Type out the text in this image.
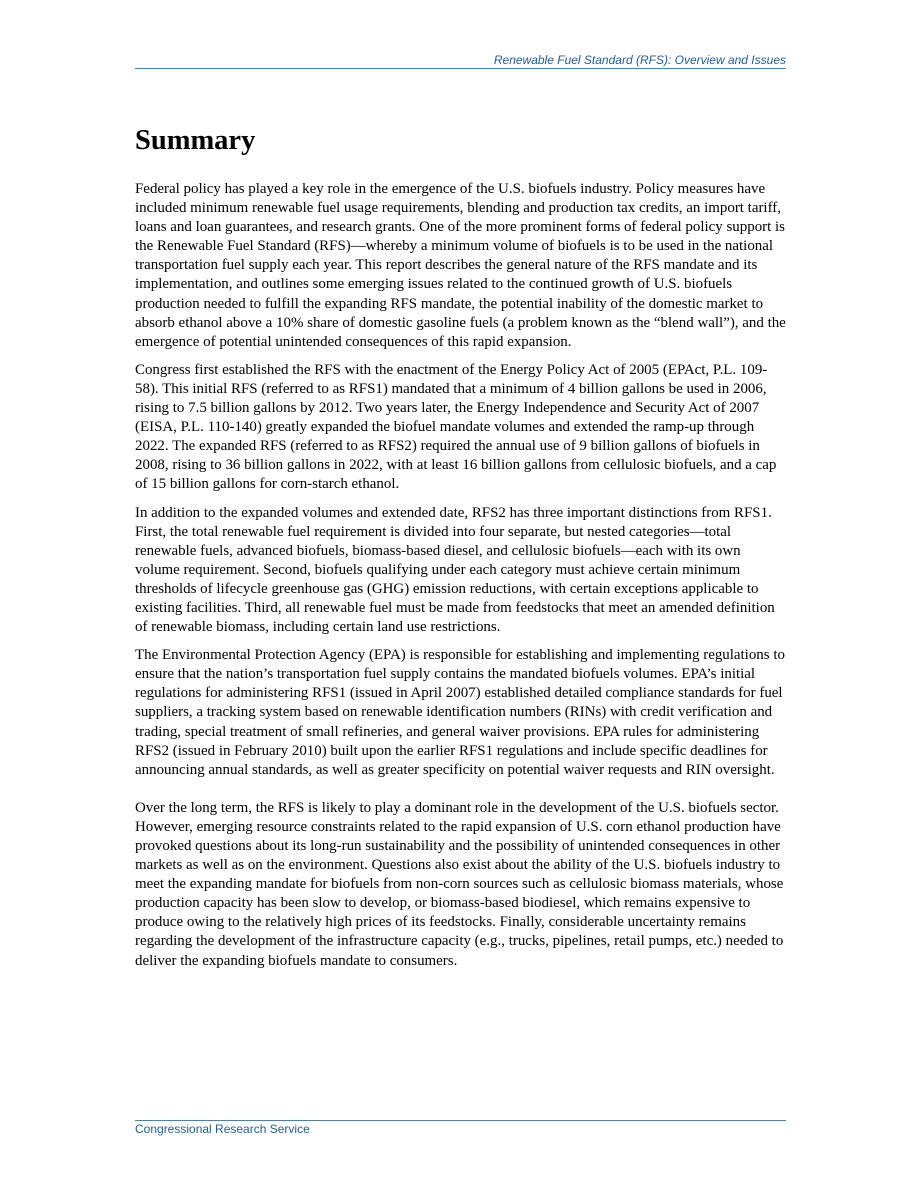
Renewable Fuel Standard (RFS): Overview and Issues
Summary

Federal policy has played a key role in the emergence of the U.S. biofuels industry. Policy measures have included minimum renewable fuel usage requirements, blending and production tax credits, an import tariff, loans and loan guarantees, and research grants. One of the more prominent forms of federal policy support is the Renewable Fuel Standard (RFS)—whereby a minimum volume of biofuels is to be used in the national transportation fuel supply each year. This report describes the general nature of the RFS mandate and its implementation, and outlines some emerging issues related to the continued growth of U.S. biofuels production needed to fulfill the expanding RFS mandate, the potential inability of the domestic market to absorb ethanol above a 10% share of domestic gasoline fuels (a problem known as the “blend wall”), and the emergence of potential unintended consequences of this rapid expansion.

Congress first established the RFS with the enactment of the Energy Policy Act of 2005 (EPAct, P.L. 109-58). This initial RFS (referred to as RFS1) mandated that a minimum of 4 billion gallons be used in 2006, rising to 7.5 billion gallons by 2012. Two years later, the Energy Independence and Security Act of 2007 (EISA, P.L. 110-140) greatly expanded the biofuel mandate volumes and extended the ramp-up through 2022. The expanded RFS (referred to as RFS2) required the annual use of 9 billion gallons of biofuels in 2008, rising to 36 billion gallons in 2022, with at least 16 billion gallons from cellulosic biofuels, and a cap of 15 billion gallons for corn-starch ethanol.

In addition to the expanded volumes and extended date, RFS2 has three important distinctions from RFS1. First, the total renewable fuel requirement is divided into four separate, but nested categories—total renewable fuels, advanced biofuels, biomass-based diesel, and cellulosic biofuels—each with its own volume requirement. Second, biofuels qualifying under each category must achieve certain minimum thresholds of lifecycle greenhouse gas (GHG) emission reductions, with certain exceptions applicable to existing facilities. Third, all renewable fuel must be made from feedstocks that meet an amended definition of renewable biomass, including certain land use restrictions.

The Environmental Protection Agency (EPA) is responsible for establishing and implementing regulations to ensure that the nation’s transportation fuel supply contains the mandated biofuels volumes. EPA’s initial regulations for administering RFS1 (issued in April 2007) established detailed compliance standards for fuel suppliers, a tracking system based on renewable identification numbers (RINs) with credit verification and trading, special treatment of small refineries, and general waiver provisions. EPA rules for administering RFS2 (issued in February 2010) built upon the earlier RFS1 regulations and include specific deadlines for announcing annual standards, as well as greater specificity on potential waiver requests and RIN oversight.

Over the long term, the RFS is likely to play a dominant role in the development of the U.S. biofuels sector. However, emerging resource constraints related to the rapid expansion of U.S. corn ethanol production have provoked questions about its long-run sustainability and the possibility of unintended consequences in other markets as well as on the environment. Questions also exist about the ability of the U.S. biofuels industry to meet the expanding mandate for biofuels from non-corn sources such as cellulosic biomass materials, whose production capacity has been slow to develop, or biomass-based biodiesel, which remains expensive to produce owing to the relatively high prices of its feedstocks. Finally, considerable uncertainty remains regarding the development of the infrastructure capacity (e.g., trucks, pipelines, retail pumps, etc.) needed to deliver the expanding biofuels mandate to consumers.

Congressional Research Service
